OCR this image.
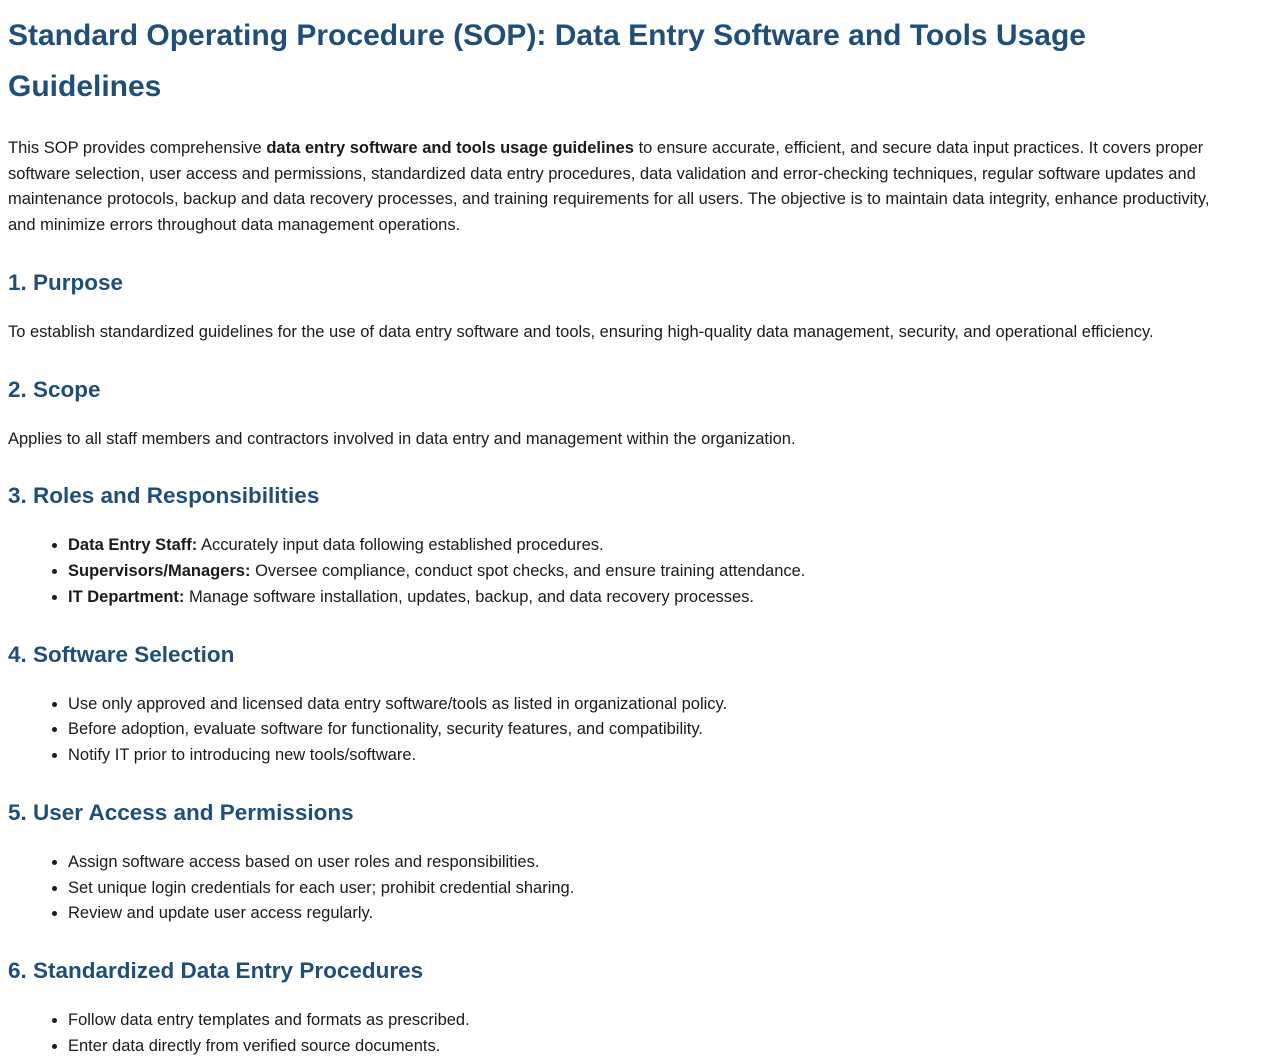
Standard Operating Procedure (SOP): Data Entry Software and Tools Usage Guidelines

This SOP provides comprehensive data entry software and tools usage guidelines to ensure accurate, efficient, and secure data input practices. It covers proper software selection, user access and permissions, standardized data entry procedures, data validation and error-checking techniques, regular software updates and maintenance protocols, backup and data recovery processes, and training requirements for all users. The objective is to maintain data integrity, enhance productivity, and minimize errors throughout data management operations.

1. Purpose

To establish standardized guidelines for the use of data entry software and tools, ensuring high-quality data management, security, and operational efficiency.

2. Scope

Applies to all staff members and contractors involved in data entry and management within the organization.

3. Roles and Responsibilities
• Data Entry Staff: Accurately input data following established procedures.
• Supervisors/Managers: Oversee compliance, conduct spot checks, and ensure training attendance.
• IT Department: Manage software installation, updates, backup, and data recovery processes.
4. Software Selection
• Use only approved and licensed data entry software/tools as listed in organizational policy.
• Before adoption, evaluate software for functionality, security features, and compatibility.
• Notify IT prior to introducing new tools/software.
5. User Access and Permissions
• Assign software access based on user roles and responsibilities.
• Set unique login credentials for each user; prohibit credential sharing.
• Review and update user access regularly.
6. Standardized Data Entry Procedures
• Follow data entry templates and formats as prescribed.
• Enter data directly from verified source documents.
